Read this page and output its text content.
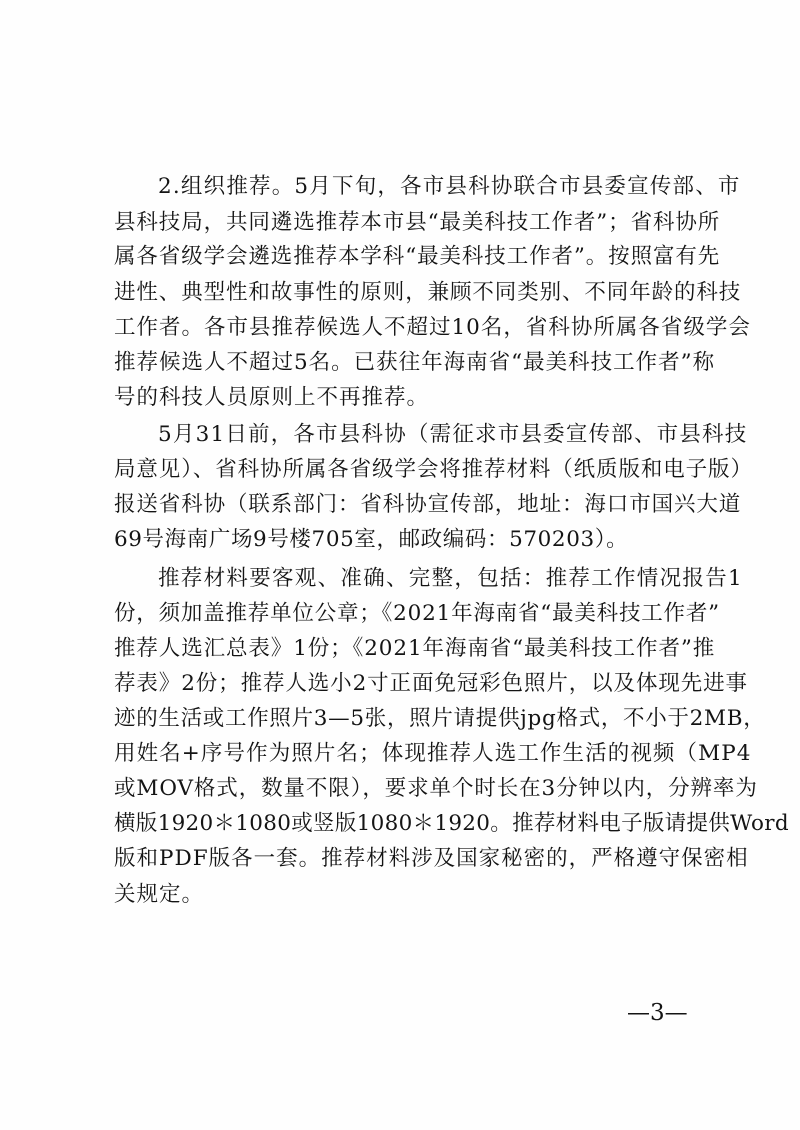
2.组织推荐。5月下旬，各市县科协联合市县委宣传部、市
县科技局，共同遴选推荐本市县“最美科技工作者”；省科协所
属各省级学会遴选推荐本学科“最美科技工作者”。按照富有先
进性、典型性和故事性的原则，兼顾不同类别、不同年龄的科技
工作者。各市县推荐候选人不超过10名，省科协所属各省级学会
推荐候选人不超过5名。已获往年海南省“最美科技工作者”称
号的科技人员原则上不再推荐。
5月31日前，各市县科协（需征求市县委宣传部、市县科技
局意见）、省科协所属各省级学会将推荐材料（纸质版和电子版）
报送省科协（联系部门：省科协宣传部，地址：海口市国兴大道
69号海南广场9号楼705室，邮政编码：570203）。
推荐材料要客观、准确、完整，包括：推荐工作情况报告1
份，须加盖推荐单位公章；《2021年海南省“最美科技工作者”
推荐人选汇总表》1份；《2021年海南省“最美科技工作者”推
荐表》2份；推荐人选小2寸正面免冠彩色照片，以及体现先进事
迹的生活或工作照片3—5张，照片请提供jpg格式，不小于2MB，
用姓名+序号作为照片名；体现推荐人选工作生活的视频（MP4
或MOV格式，数量不限），要求单个时长在3分钟以内，分辨率为
横版1920＊1080或竖版1080＊1920。推荐材料电子版请提供Word
版和PDF版各一套。推荐材料涉及国家秘密的，严格遵守保密相
关规定。
—3—
